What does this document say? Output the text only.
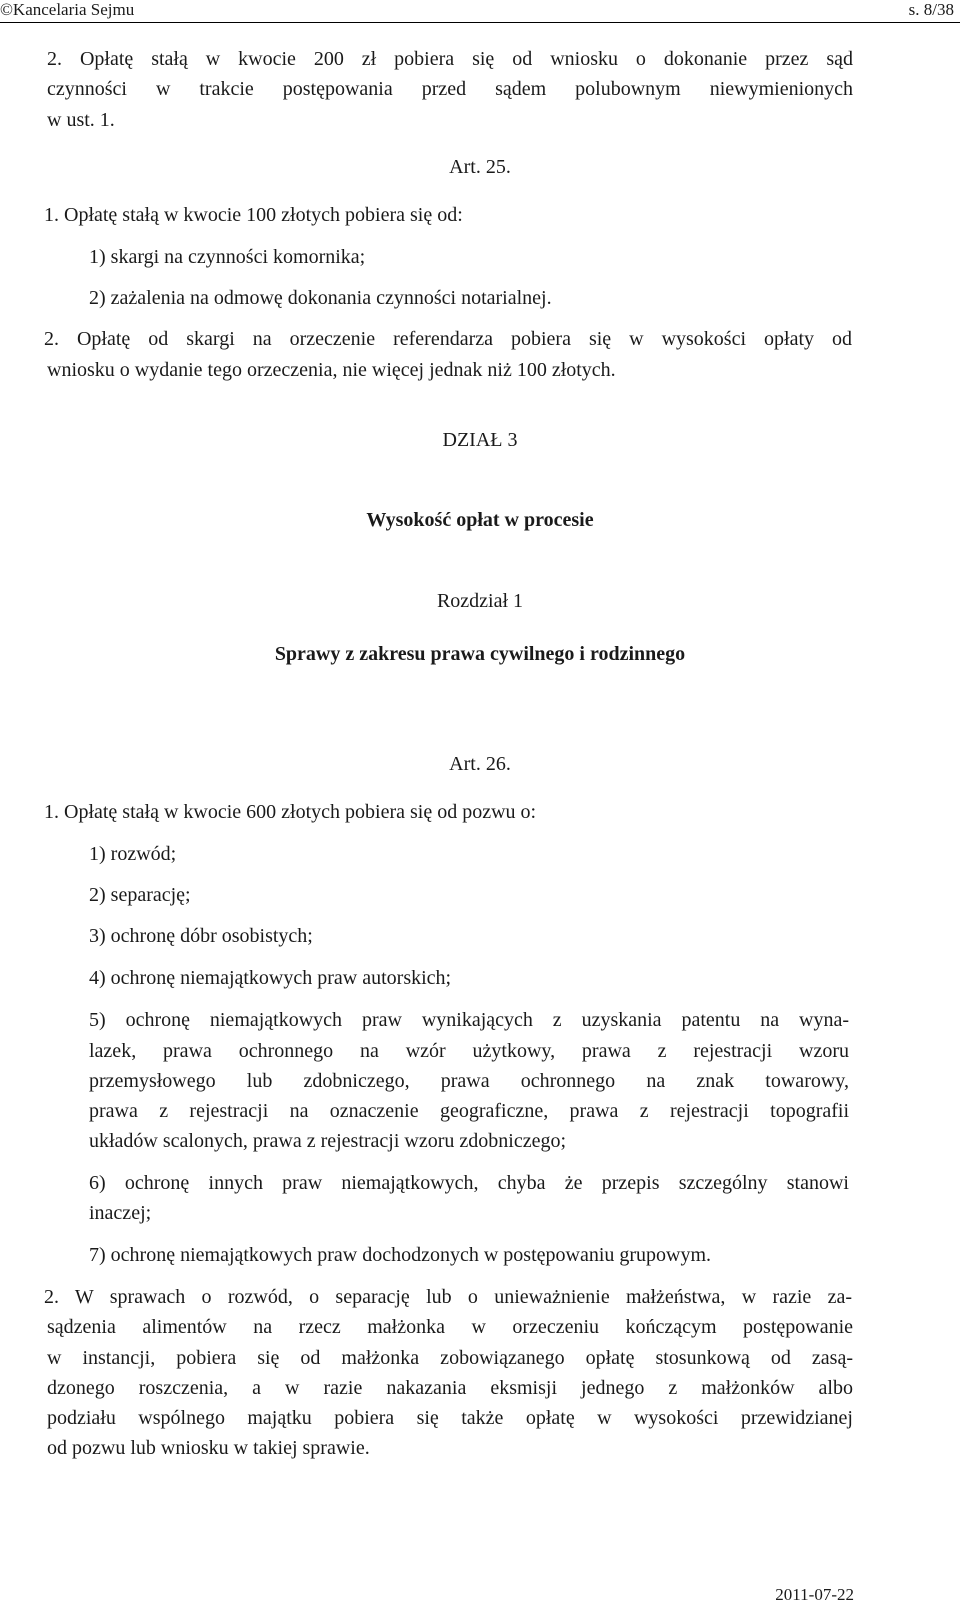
©Kancelaria Sejmu	s. 8/38
2. Opłatę stałą w kwocie 200 zł pobiera się od wniosku o dokonanie przez sąd
czynności w trakcie postępowania przed sądem polubownym niewymienionych
w ust. 1.
Art. 25.
1. Opłatę stałą w kwocie 100 złotych pobiera się od:
1) skargi na czynności komornika;
2) zażalenia na odmowę dokonania czynności notarialnej.
2. Opłatę od skargi na orzeczenie referendarza pobiera się w wysokości opłaty od
wniosku o wydanie tego orzeczenia, nie więcej jednak niż 100 złotych.
DZIAŁ 3
Wysokość opłat w procesie
Rozdział 1
Sprawy z zakresu prawa cywilnego i rodzinnego
Art. 26.
1. Opłatę stałą w kwocie 600 złotych pobiera się od pozwu o:
1) rozwód;
2) separację;
3) ochronę dóbr osobistych;
4) ochronę niemajątkowych praw autorskich;
5) ochronę niemajątkowych praw wynikających z uzyskania patentu na wyna-
lazek, prawa ochronnego na wzór użytkowy, prawa z rejestracji wzoru
przemysłowego lub zdobniczego, prawa ochronnego na znak towarowy,
prawa z rejestracji na oznaczenie geograficzne, prawa z rejestracji topografii
układów scalonych, prawa z rejestracji wzoru zdobniczego;
6) ochronę innych praw niemajątkowych, chyba że przepis szczególny stanowi
inaczej;
7) ochronę niemajątkowych praw dochodzonych w postępowaniu grupowym.
2. W sprawach o rozwód, o separację lub o unieważnienie małżeństwa, w razie za-
sądzenia alimentów na rzecz małżonka w orzeczeniu kończącym postępowanie
w instancji, pobiera się od małżonka zobowiązanego opłatę stosunkową od zasą-
dzonego roszczenia, a w razie nakazania eksmisji jednego z małżonków albo
podziału wspólnego majątku pobiera się także opłatę w wysokości przewidzianej
od pozwu lub wniosku w takiej sprawie.
2011-07-22
